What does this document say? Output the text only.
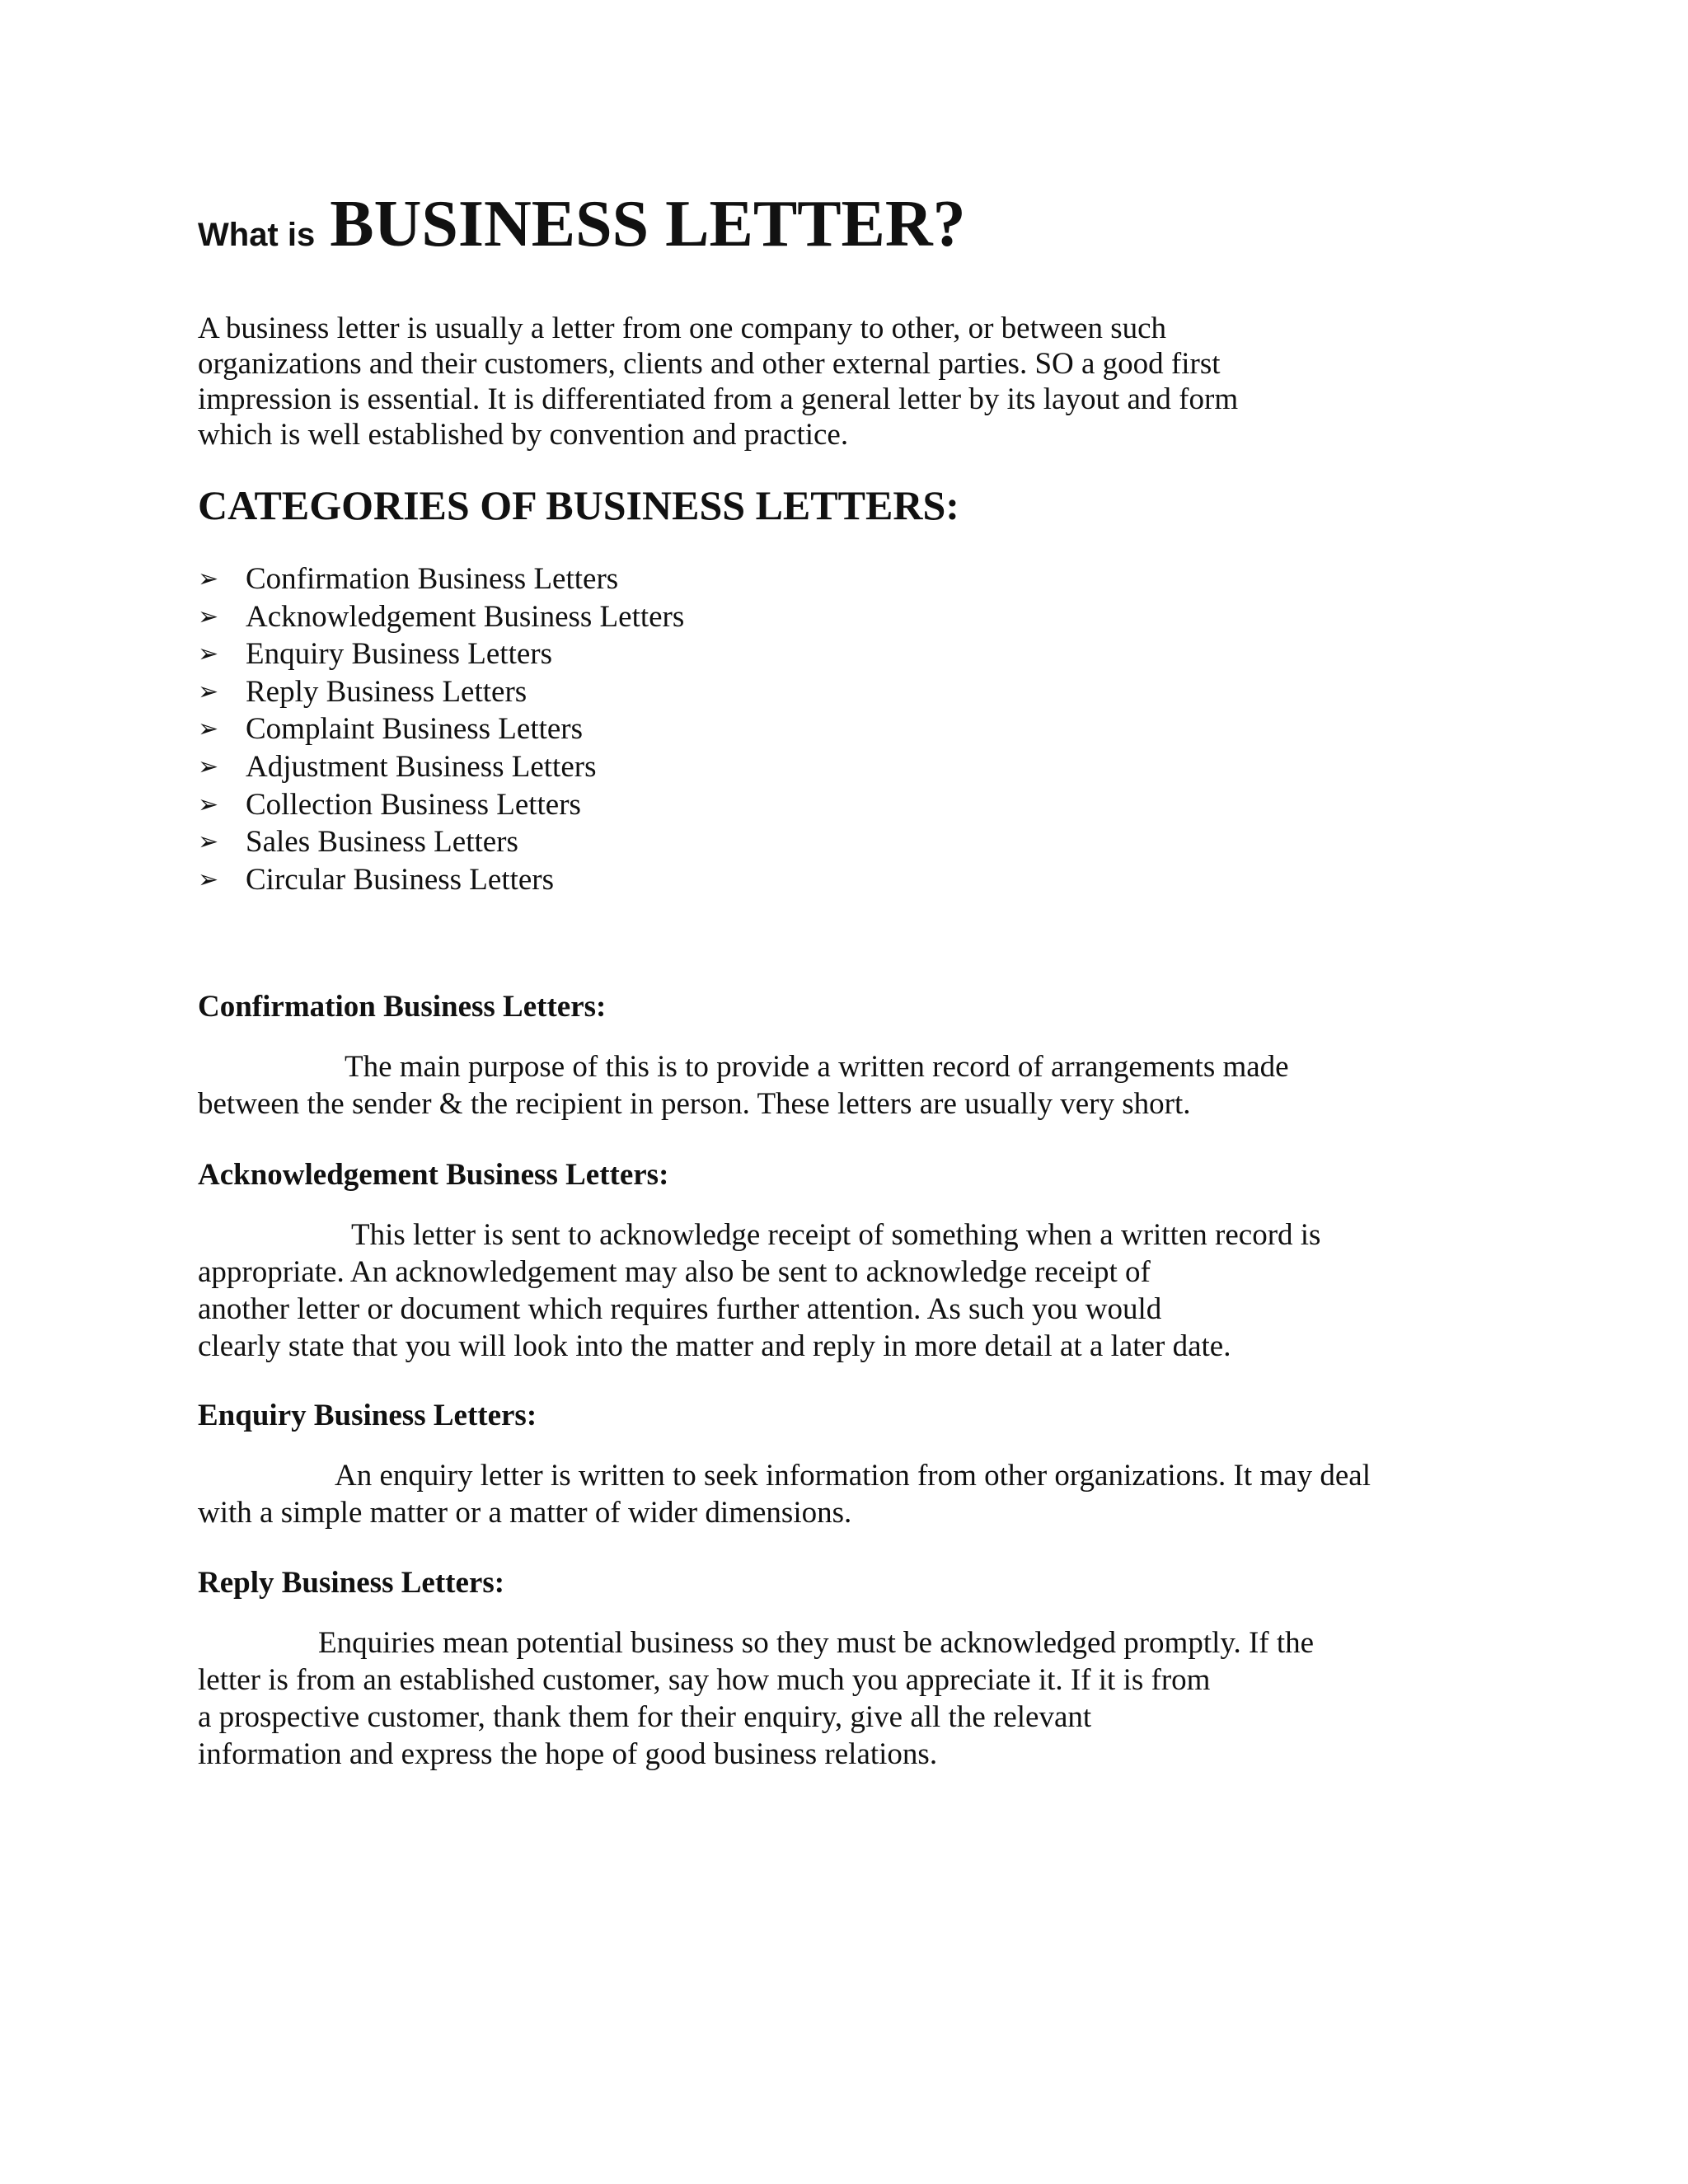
What is BUSINESS LETTER?
A business letter is usually a letter from one company to other, or between such
organizations and their customers, clients and other external parties. SO a good first
impression is essential. It is differentiated from a general letter by its layout and form
which is well established by convention and practice.
CATEGORIES OF BUSINESS LETTERS:
➢ Confirmation Business Letters
➢ Acknowledgement Business Letters
➢ Enquiry Business Letters
➢ Reply Business Letters
➢ Complaint Business Letters
➢ Adjustment Business Letters
➢ Collection Business Letters
➢ Sales Business Letters
➢ Circular Business Letters
Confirmation Business Letters:
The main purpose of this is to provide a written record of arrangements made
between the sender & the recipient in person. These letters are usually very short.
Acknowledgement Business Letters:
This letter is sent to acknowledge receipt of something when a written record is
appropriate. An acknowledgement may also be sent to acknowledge receipt of
another letter or document which requires further attention. As such you would
clearly state that you will look into the matter and reply in more detail at a later date.
Enquiry Business Letters:
An enquiry letter is written to seek information from other organizations. It may deal
with a simple matter or a matter of wider dimensions.
Reply Business Letters:
Enquiries mean potential business so they must be acknowledged promptly. If the
letter is from an established customer, say how much you appreciate it. If it is from
a prospective customer, thank them for their enquiry, give all the relevant
information and express the hope of good business relations.
